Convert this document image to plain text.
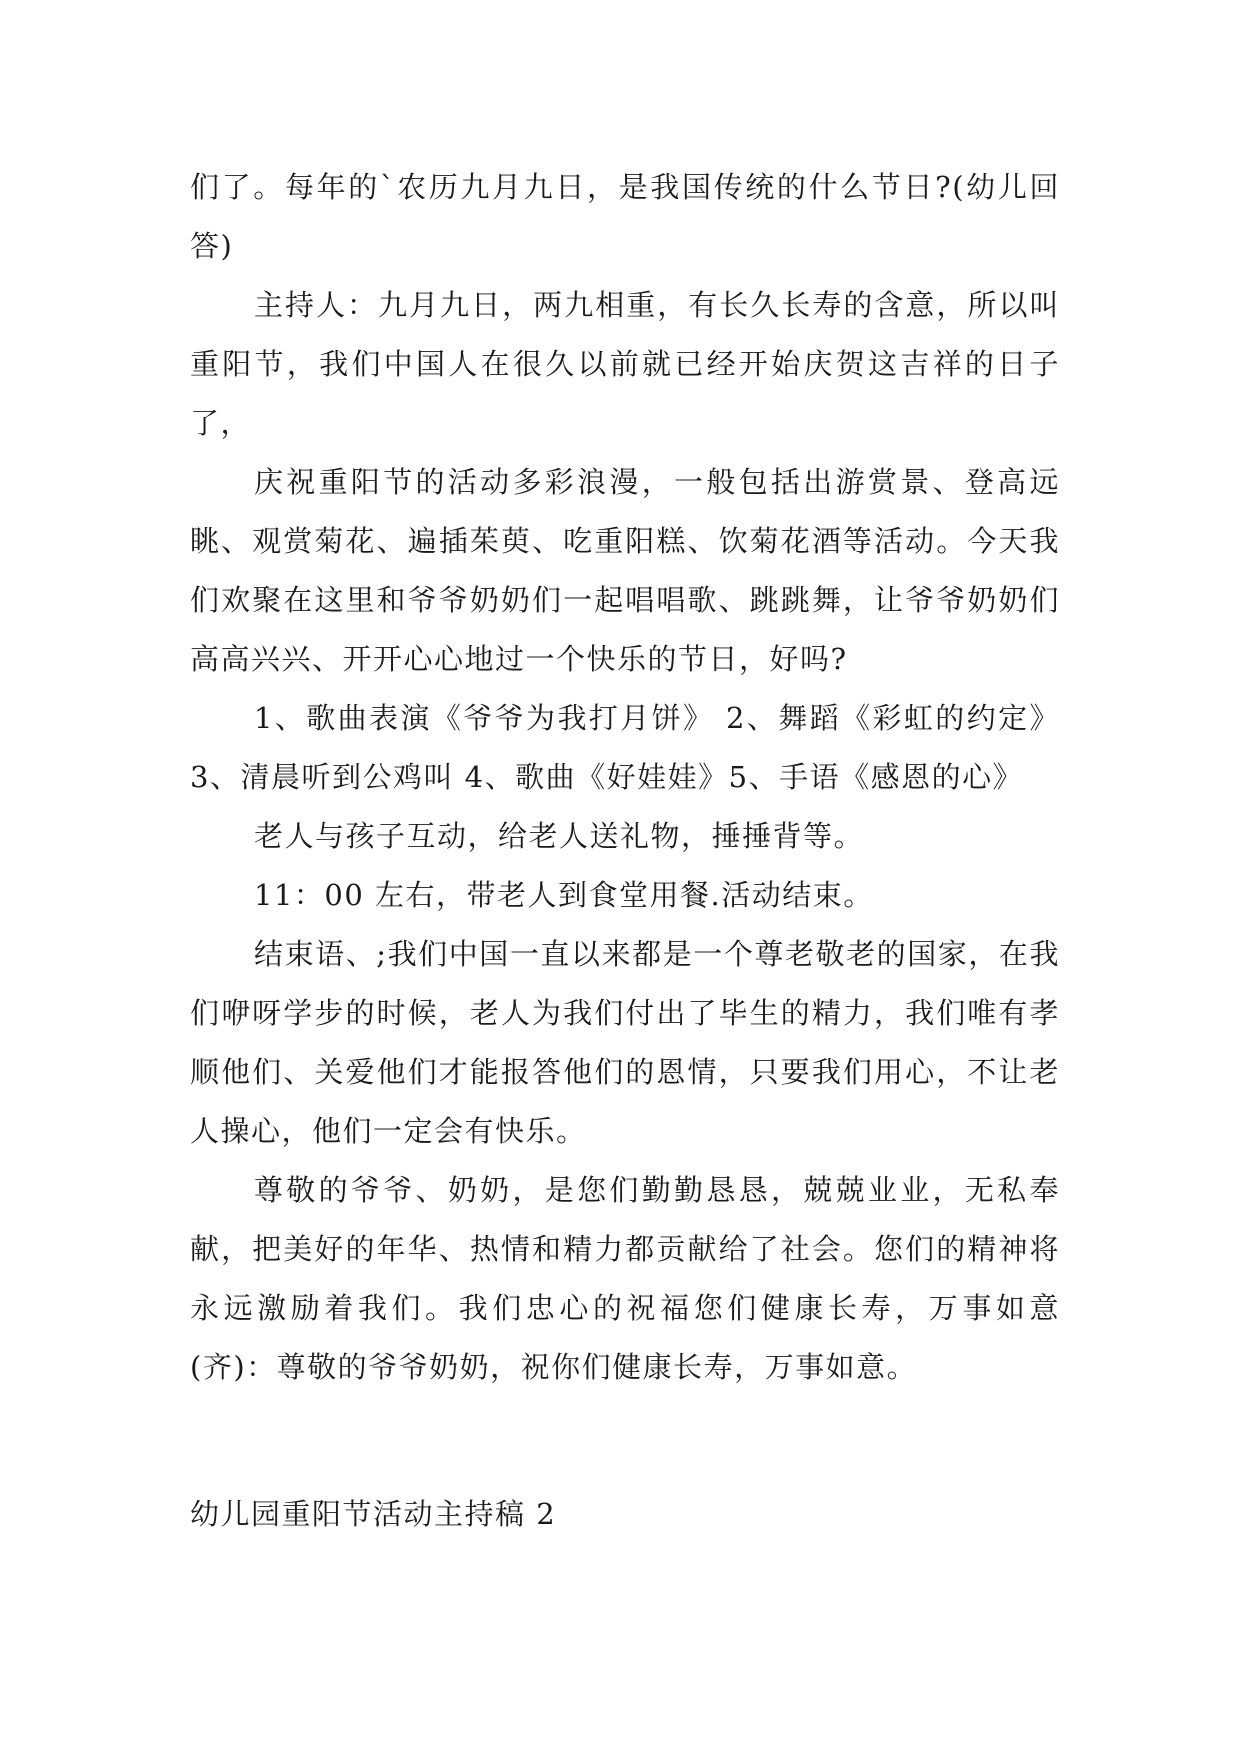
们了。每年的`农历九月九日，是我国传统的什么节日?(幼儿回答)

主持人：九月九日，两九相重，有长久长寿的含意，所以叫重阳节，我们中国人在很久以前就已经开始庆贺这吉祥的日子了，

庆祝重阳节的活动多彩浪漫，一般包括出游赏景、登高远眺、观赏菊花、遍插茱萸、吃重阳糕、饮菊花酒等活动。今天我们欢聚在这里和爷爷奶奶们一起唱唱歌、跳跳舞，让爷爷奶奶们高高兴兴、开开心心地过一个快乐的节日，好吗?

1、歌曲表演《爷爷为我打月饼》 2、舞蹈《彩虹的约定》 3、清晨听到公鸡叫 4、歌曲《好娃娃》5、手语《感恩的心》

老人与孩子互动，给老人送礼物，捶捶背等。

11：00 左右，带老人到食堂用餐.活动结束。

结束语、;我们中国一直以来都是一个尊老敬老的国家，在我们咿呀学步的时候，老人为我们付出了毕生的精力，我们唯有孝顺他们、关爱他们才能报答他们的恩情，只要我们用心，不让老人操心，他们一定会有快乐。

尊敬的爷爷、奶奶，是您们勤勤恳恳，兢兢业业，无私奉献，把美好的年华、热情和精力都贡献给了社会。您们的精神将永远激励着我们。我们忠心的祝福您们健康长寿，万事如意(齐)：尊敬的爷爷奶奶，祝你们健康长寿，万事如意。

幼儿园重阳节活动主持稿 2
